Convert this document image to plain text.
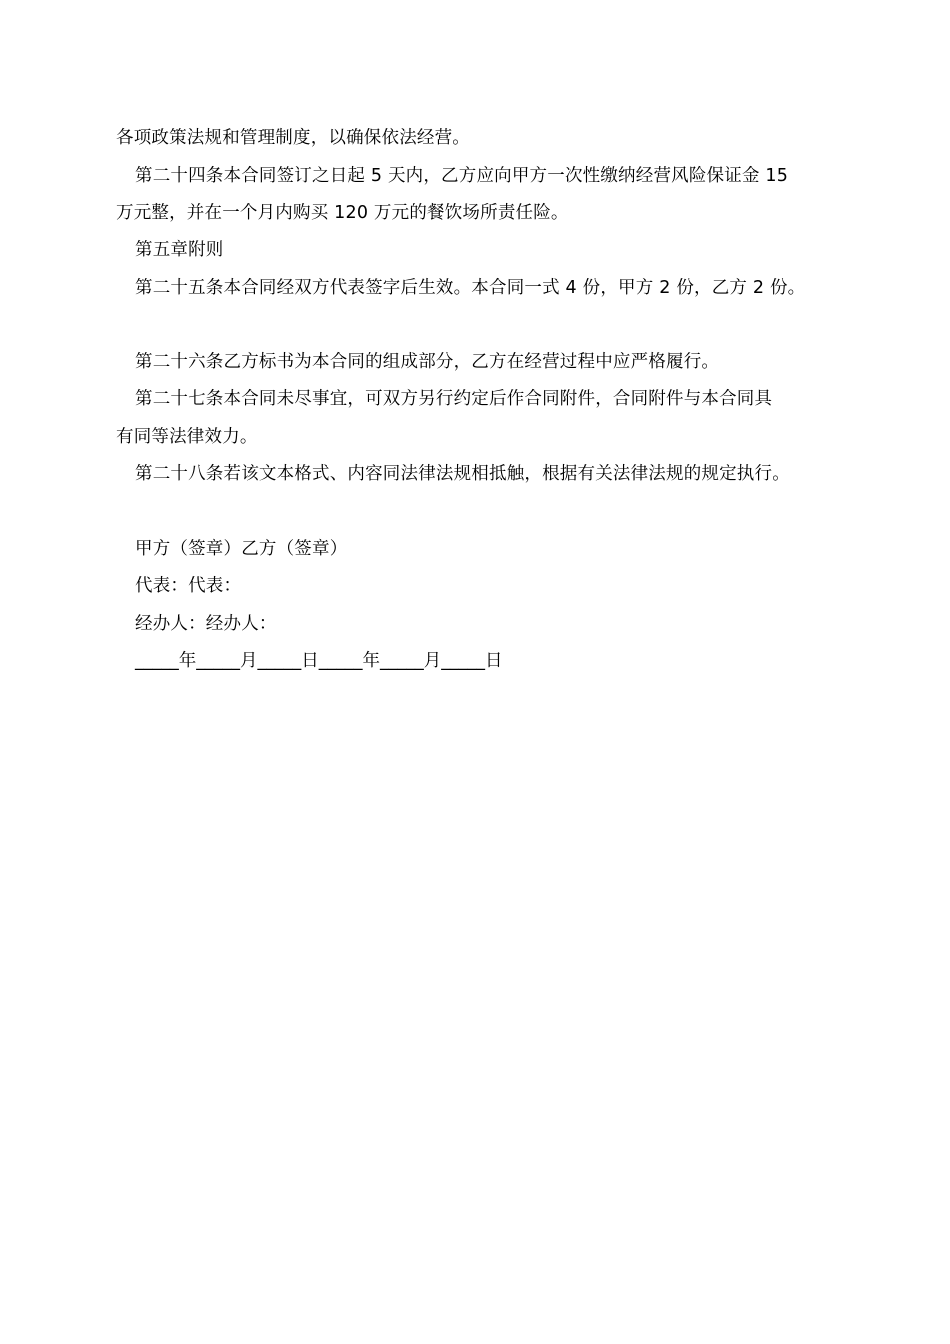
各项政策法规和管理制度，以确保依法经营。
第二十四条本合同签订之日起 5 天内，乙方应向甲方一次性缴纳经营风险保证金 15
万元整，并在一个月内购买 120 万元的餐饮场所责任险。
第五章附则
第二十五条本合同经双方代表签字后生效。本合同一式 4 份，甲方 2 份，乙方 2 份。
第二十六条乙方标书为本合同的组成部分，乙方在经营过程中应严格履行。
第二十七条本合同未尽事宜，可双方另行约定后作合同附件，合同附件与本合同具
有同等法律效力。
第二十八条若该文本格式、内容同法律法规相抵触，根据有关法律法规的规定执行。
甲方（签章）乙方（签章）
代表：代表：
经办人：经办人：
_____年_____月_____日_____年_____月_____日
